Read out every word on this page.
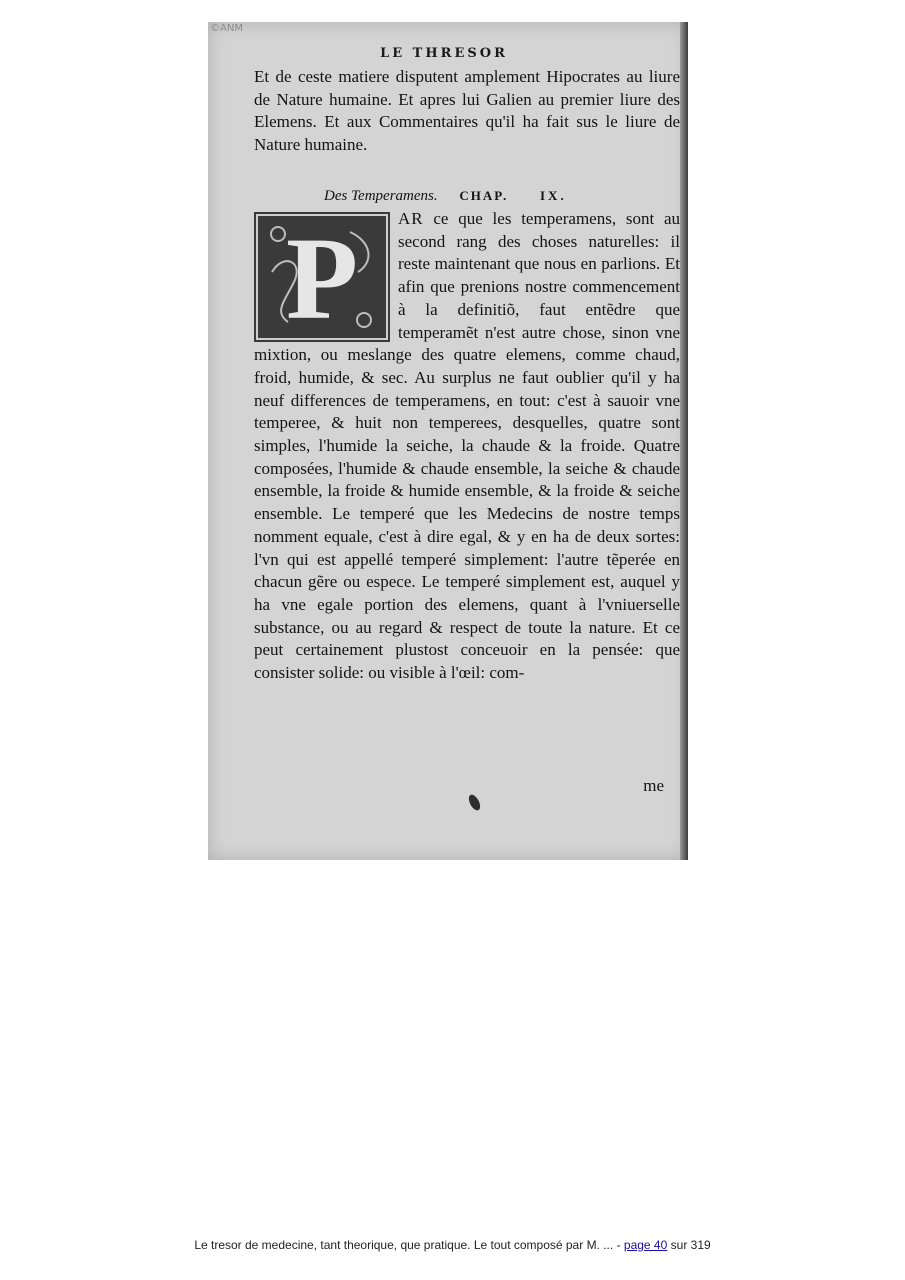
©ANM
LE THRESOR

Et de ceste matiere disputent amplement Hipocrates au liure de Nature humaine. Et apres lui Galien au premier liure des Elemens. Et aux Commentaires qu'il ha fait sus le liure de Nature humaine.

Des Temperamens. CHAP. IX.

P AR ce que les temperamens, sont au second rang des choses naturelles: il reste maintenant que nous en parlions. Et afin que prenions nostre commencement à la definitiõ, faut entẽdre que temperamẽt n'est autre chose, sinon vne mixtion, ou meslange des quatre elemens, comme chaud, froid, humide, & sec. Au surplus ne faut oublier qu'il y ha neuf differences de temperamens, en tout: c'est à sauoir vne temperee, & huit non temperees, desquelles, quatre sont simples, l'humide la seiche, la chaude & la froide. Quatre composées, l'humide & chaude ensemble, la seiche & chaude ensemble, la froide & humide ensemble, & la froide & seiche ensemble. Le temperé que les Medecins de nostre temps nomment equale, c'est à dire egal, & y en ha de deux sortes: l'vn qui est appellé temperé simplement: l'autre tẽperée en chacun gẽre ou espece. Le temperé simplement est, auquel y ha vne egale portion des elemens, quant à l'vniuerselle substance, ou au regard & respect de toute la nature. Et ce peut certainement plustost conceuoir en la pensée: que consister solide: ou visible à l'œil: com-

me
Le tresor de medecine, tant theorique, que pratique. Le tout composé par M. ... - page 40 sur 319
